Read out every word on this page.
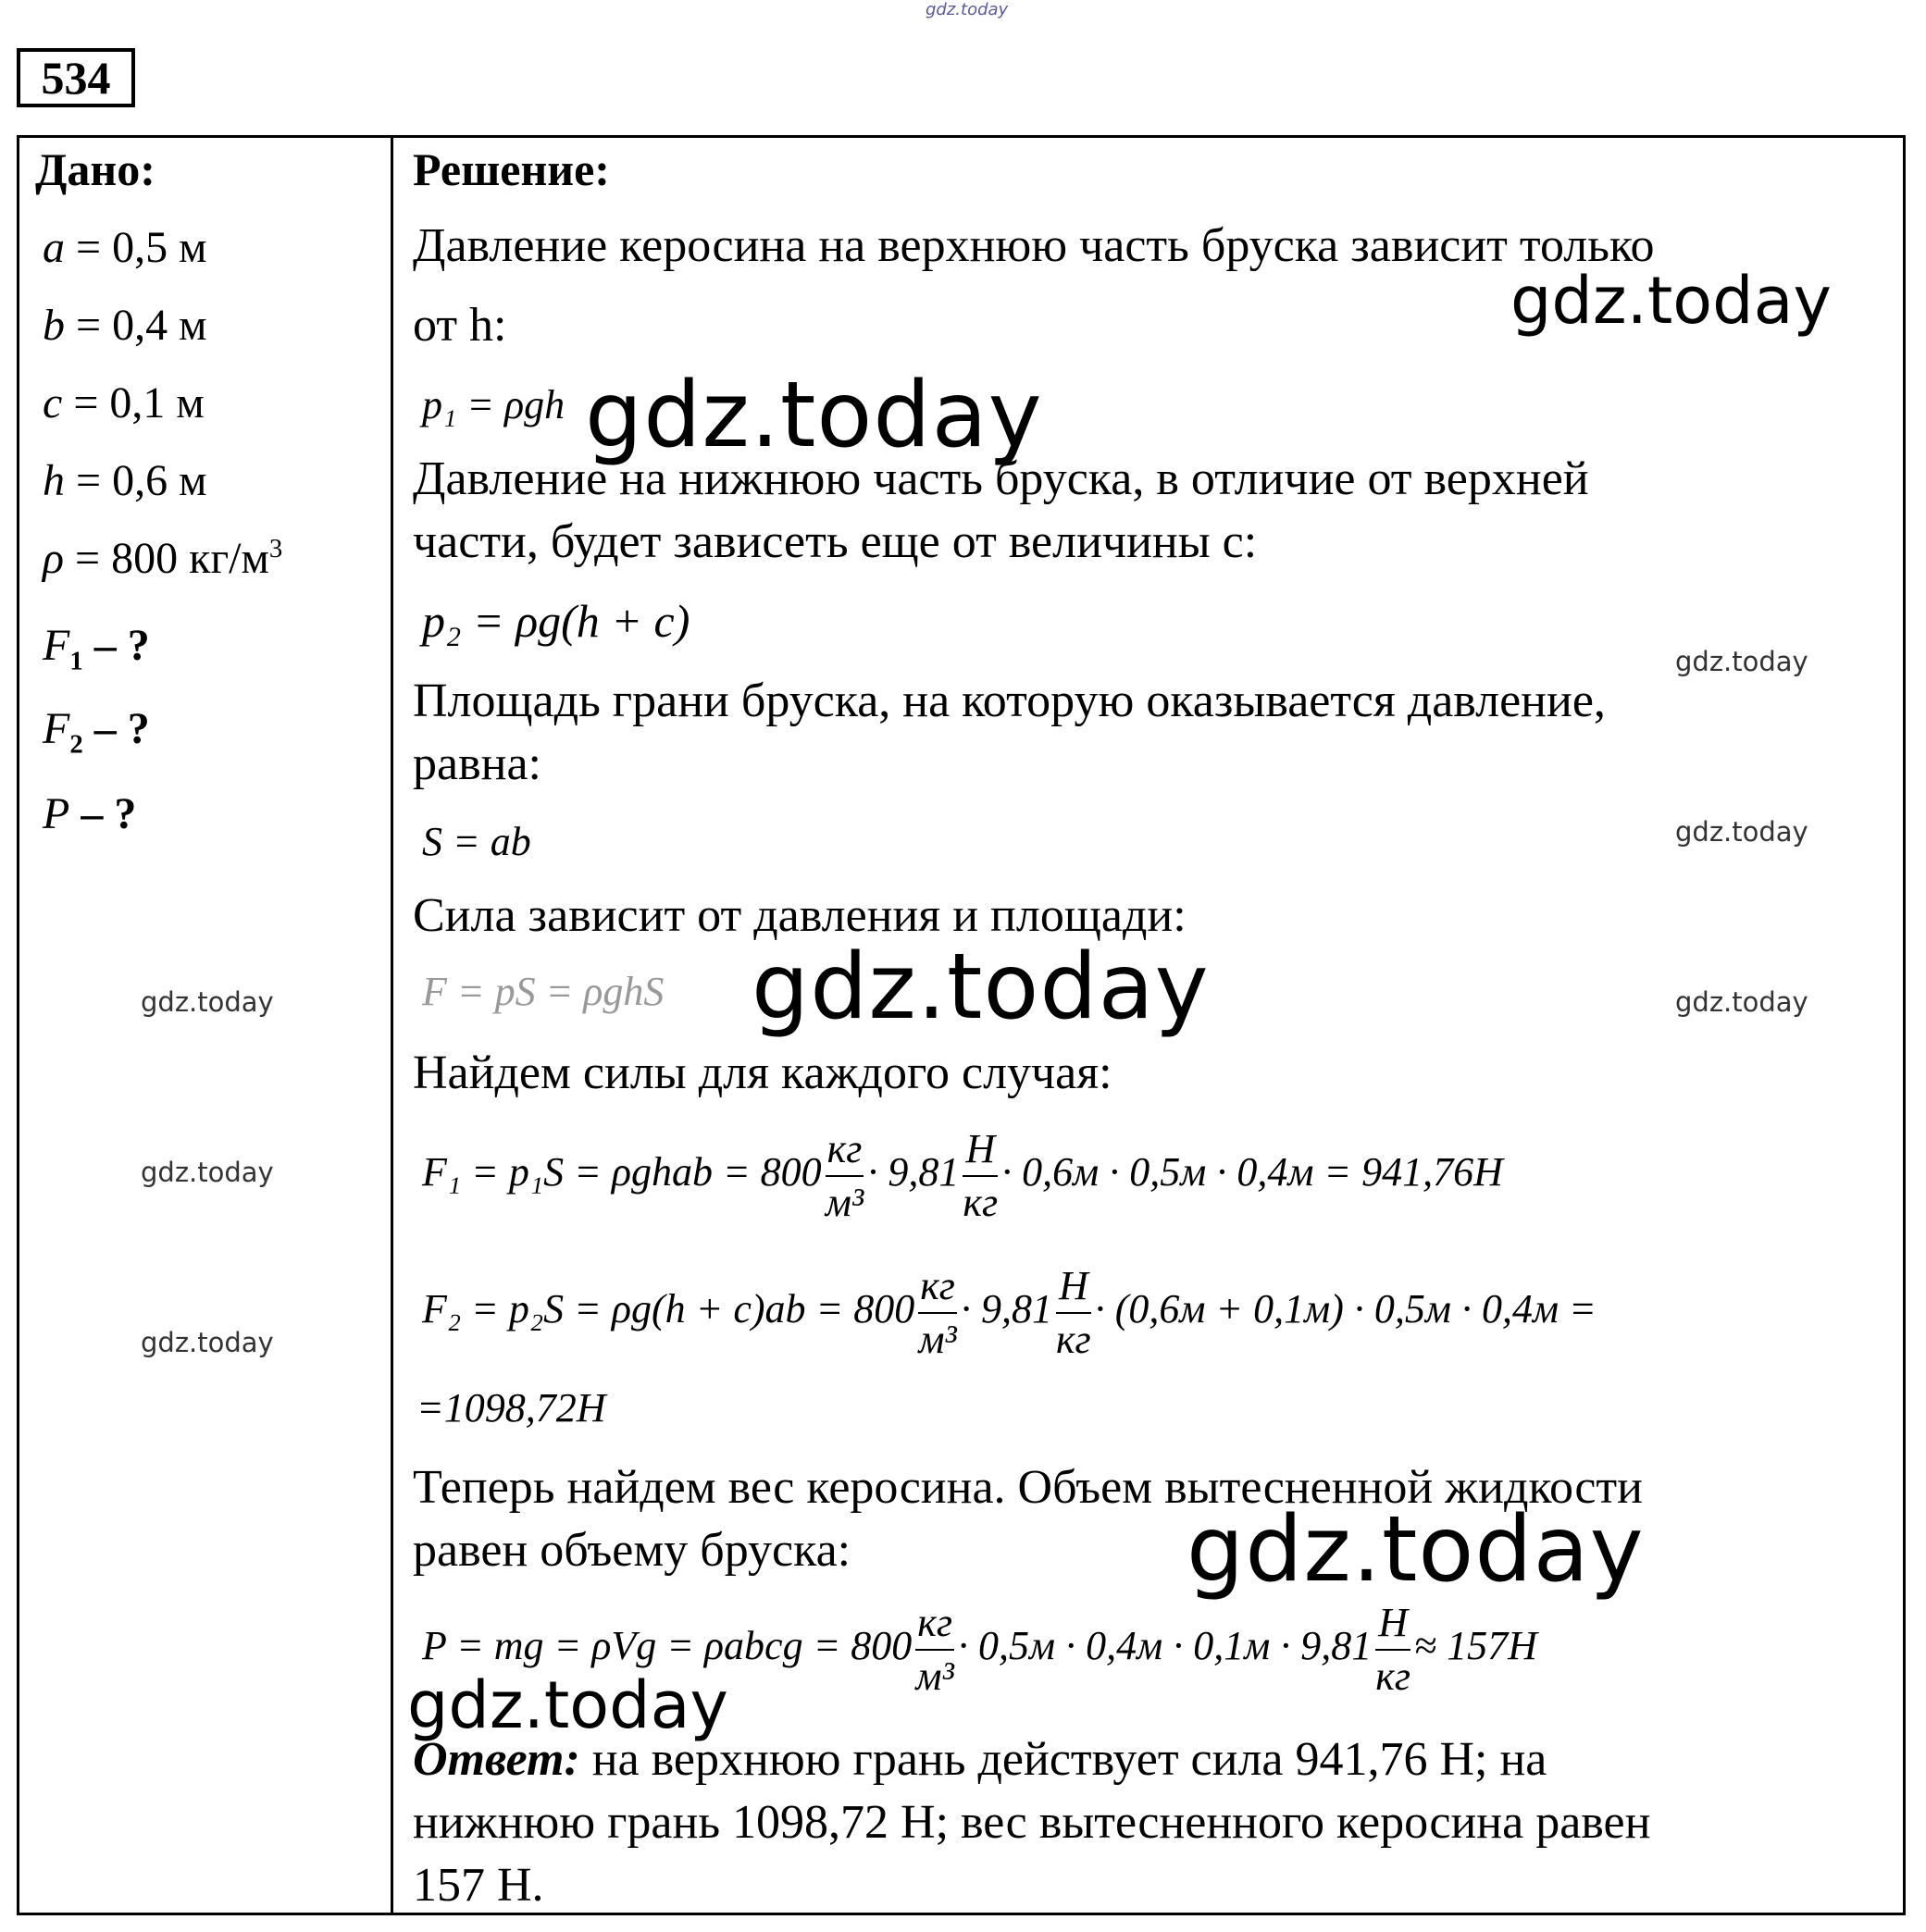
gdz.today
534
Дано:
a = 0,5 м
b = 0,4 м
c = 0,1 м
h = 0,6 м
ρ = 800 $кг/м^3$
$F_1$ – ?
$F_2$ – ?
P – ?
Решение:
Давление керосина на верхнюю часть бруска зависит только
от h:
p₁ = ρgh
Давление на нижнюю часть бруска, в отличие от верхней
части, будет зависеть еще от величины с:
p₂ = ρg(h + c)
Площадь грани бруска, на которую оказывается давление,
равна:
S = ab
Сила зависит от давления и площади:
F = pS = ρghS
Найдем силы для каждого случая:
F₁ = p₁S = ρghab = 800
кг
м³
· 9,81
H
кг
· 0,6м · 0,5м · 0,4м = 941,76H
F₂ = p₂S = ρg(h + c)ab = 800
кг
м³
· 9,81
H
кг
· (0,6м + 0,1м) · 0,5м · 0,4м =
=1098,72H
Теперь найдем вес керосина. Объем вытесненной жидкости
равен объему бруска:
P = mg = ρVg = ρabcg = 800
кг
м³
· 0,5м · 0,4м · 0,1м · 9,81
H
кг
≈ 157H
Ответ: на верхнюю грань действует сила 941,76 Н; на
нижнюю грань 1098,72 Н; вес вытесненного керосина равен
157 Н.
gdz.today
gdz.today
gdz.today
gdz.today
gdz.today	gdz.today
gdz.today
gdz.today
gdz.today
gdz.today
gdz.today
